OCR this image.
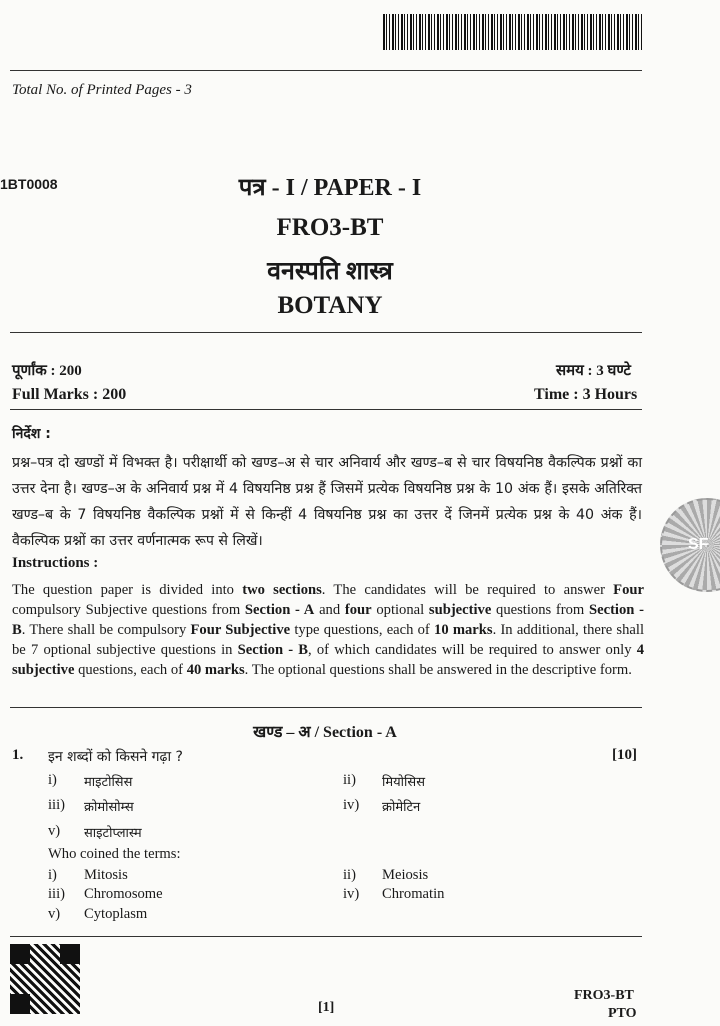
Total No. of Printed Pages - 3
1BT0008	पत्र - I / PAPER - I
FRO3-BT
वनस्पति शास्त्र
BOTANY
पूर्णांक : 200	समय : 3 घण्टे
Full Marks : 200	Time : 3 Hours
निर्देश :
प्रश्न–पत्र दो खण्डों में विभक्त है। परीक्षार्थी को खण्ड–अ से चार अनिवार्य और खण्ड–ब से चार विषयनिष्ठ वैकल्पिक प्रश्नों का उत्तर देना है। खण्ड–अ के अनिवार्य प्रश्न में 4 विषयनिष्ठ प्रश्न हैं जिसमें प्रत्येक विषयनिष्ठ प्रश्न के 10 अंक हैं। इसके अतिरिक्त खण्ड–ब के 7 विषयनिष्ठ वैकल्पिक प्रश्नों में से किन्हीं 4 विषयनिष्ठ प्रश्न का उत्तर दें जिनमें प्रत्येक प्रश्न के 40 अंक हैं। वैकल्पिक प्रश्नों का उत्तर वर्णनात्मक रूप से लिखें।
Instructions :
The question paper is divided into two sections. The candidates will be required to answer Four compulsory Subjective questions from Section - A and four optional subjective questions from Section - B. There shall be compulsory Four Subjective type questions, each of 10 marks. In additional, there shall be 7 optional subjective questions in Section - B, of which candidates will be required to answer only 4 subjective questions, each of 40 marks. The optional questions shall be answered in the descriptive form.
खण्ड – अ / Section - A
1. इन शब्दों को किसने गढ़ा ?	[10]
i) माइटोसिस	ii) मियोसिस
iii) क्रोमोसोम्स	iv) क्रोमेटिन
v) साइटोप्लास्म
Who coined the terms:
i) Mitosis	ii) Meiosis
iii) Chromosome	iv) Chromatin
v) Cytoplasm
[1]
FRO3-BT
PTO
SF
